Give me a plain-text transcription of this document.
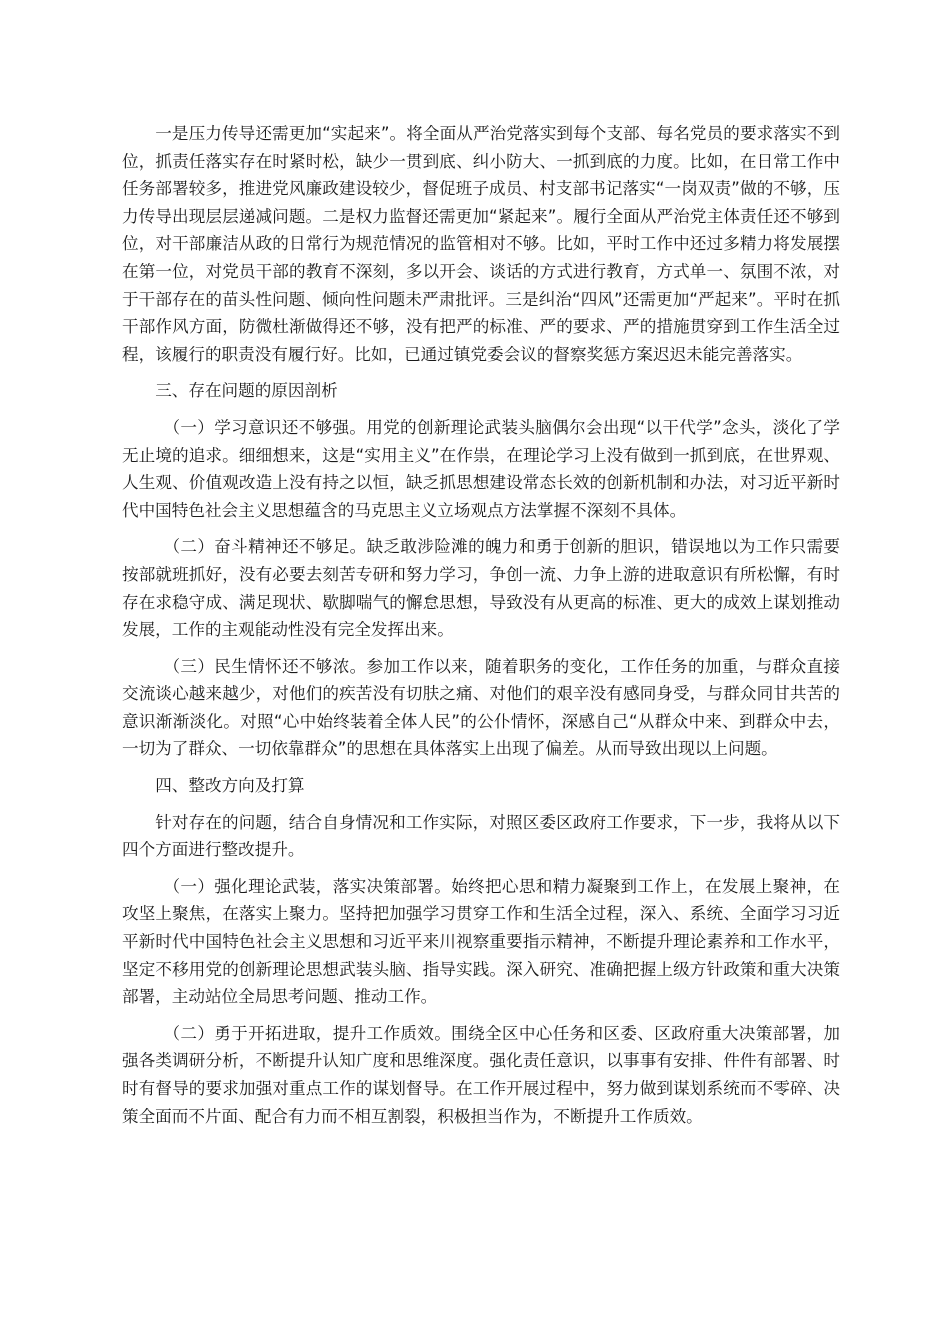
一是压力传导还需更加“实起来”。将全面从严治党落实到每个支部、每名党员的要求落实不到位，抓责任落实存在时紧时松，缺少一贯到底、纠小防大、一抓到底的力度。比如，在日常工作中任务部署较多，推进党风廉政建设较少，督促班子成员、村支部书记落实“一岗双责”做的不够，压力传导出现层层递减问题。二是权力监督还需更加“紧起来”。履行全面从严治党主体责任还不够到位，对干部廉洁从政的日常行为规范情况的监管相对不够。比如，平时工作中还过多精力将发展摆在第一位，对党员干部的教育不深刻，多以开会、谈话的方式进行教育，方式单一、氛围不浓，对于干部存在的苗头性问题、倾向性问题未严肃批评。三是纠治“四风”还需更加“严起来”。平时在抓干部作风方面，防微杜渐做得还不够，没有把严的标准、严的要求、严的措施贯穿到工作生活全过程，该履行的职责没有履行好。比如，已通过镇党委会议的督察奖惩方案迟迟未能完善落实。

三、存在问题的原因剖析

（一）学习意识还不够强。用党的创新理论武装头脑偶尔会出现“以干代学”念头，淡化了学无止境的追求。细细想来，这是“实用主义”在作祟，在理论学习上没有做到一抓到底，在世界观、人生观、价值观改造上没有持之以恒，缺乏抓思想建设常态长效的创新机制和办法，对习近平新时代中国特色社会主义思想蕴含的马克思主义立场观点方法掌握不深刻不具体。

（二）奋斗精神还不够足。缺乏敢涉险滩的魄力和勇于创新的胆识，错误地以为工作只需要按部就班抓好，没有必要去刻苦专研和努力学习，争创一流、力争上游的进取意识有所松懈，有时存在求稳守成、满足现状、歇脚喘气的懈怠思想，导致没有从更高的标准、更大的成效上谋划推动发展，工作的主观能动性没有完全发挥出来。

（三）民生情怀还不够浓。参加工作以来，随着职务的变化，工作任务的加重，与群众直接交流谈心越来越少，对他们的疾苦没有切肤之痛、对他们的艰辛没有感同身受，与群众同甘共苦的意识渐渐淡化。对照“心中始终装着全体人民”的公仆情怀，深感自己“从群众中来、到群众中去，一切为了群众、一切依靠群众”的思想在具体落实上出现了偏差。从而导致出现以上问题。

四、整改方向及打算

针对存在的问题，结合自身情况和工作实际，对照区委区政府工作要求，下一步，我将从以下四个方面进行整改提升。

（一）强化理论武装，落实决策部署。始终把心思和精力凝聚到工作上，在发展上聚神，在攻坚上聚焦，在落实上聚力。坚持把加强学习贯穿工作和生活全过程，深入、系统、全面学习习近平新时代中国特色社会主义思想和习近平来川视察重要指示精神，不断提升理论素养和工作水平，坚定不移用党的创新理论思想武装头脑、指导实践。深入研究、准确把握上级方针政策和重大决策部署，主动站位全局思考问题、推动工作。

（二）勇于开拓进取，提升工作质效。围绕全区中心任务和区委、区政府重大决策部署，加强各类调研分析，不断提升认知广度和思维深度。强化责任意识，以事事有安排、件件有部署、时时有督导的要求加强对重点工作的谋划督导。在工作开展过程中，努力做到谋划系统而不零碎、决策全面而不片面、配合有力而不相互割裂，积极担当作为，不断提升工作质效。
